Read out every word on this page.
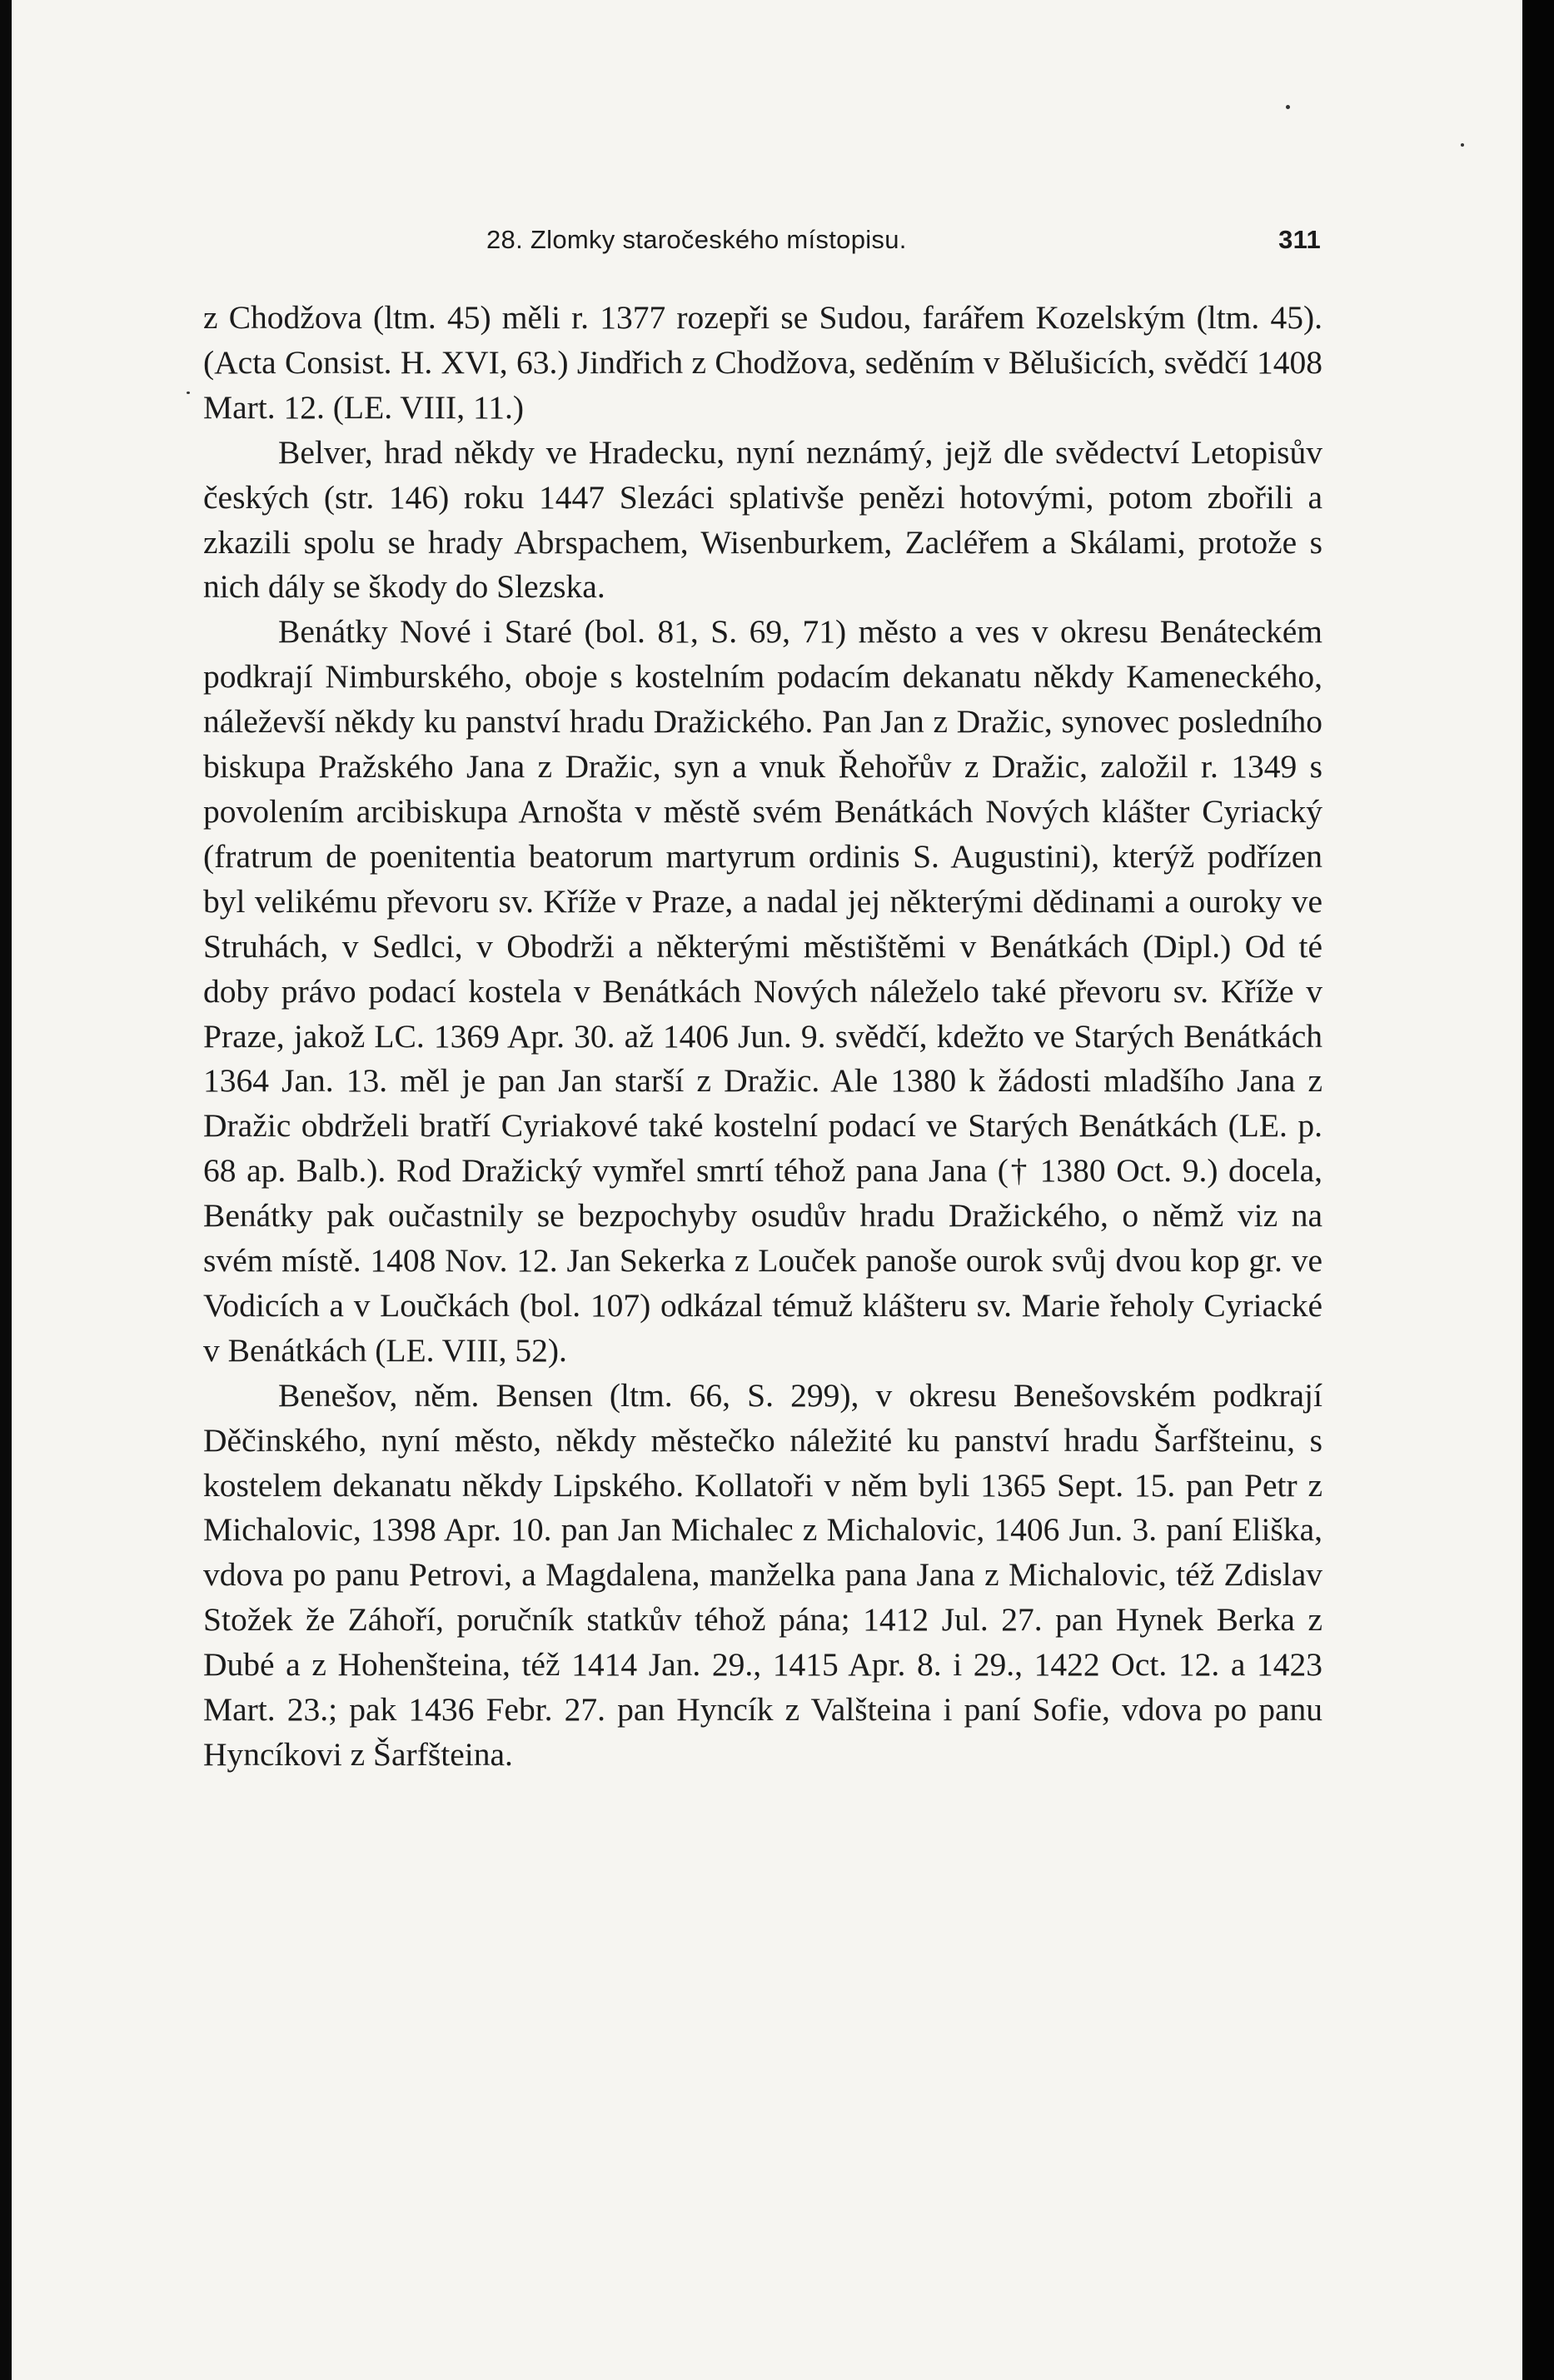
28. Zlomky staročeského místopisu.	311

z Chodžova (ltm. 45) měli r. 1377 rozepři se Sudou, farářem Kozelským (ltm. 45). (Acta Consist. H. XVI, 63.) Jindřich z Chodžova, seděním v Bělušicích, svědčí 1408 Mart. 12. (LE. VIII, 11.)

Belver, hrad někdy ve Hradecku, nyní neznámý, jejž dle svědectví Letopisův českých (str. 146) roku 1447 Slezáci splativše penězi hotovými, potom zbořili a zkazili spolu se hrady Abrspachem, Wisenburkem, Zacléřem a Skálami, protože s nich dály se škody do Slezska.

Benátky Nové i Staré (bol. 81, S. 69, 71) město a ves v okresu Benáteckém podkrají Nimburského, oboje s kostelním podacím dekanatu někdy Kameneckého, náleževší někdy ku panství hradu Dražického. Pan Jan z Dražic, synovec posledního biskupa Pražského Jana z Dražic, syn a vnuk Řehořův z Dražic, založil r. 1349 s povolením arcibiskupa Arnošta v městě svém Benátkách Nových klášter Cyriacký (fratrum de poenitentia beatorum martyrum ordinis S. Augustini), kterýž podřízen byl velikému převoru sv. Kříže v Praze, a nadal jej některými dědinami a ouroky ve Struhách, v Sedlci, v Obodrži a některými městištěmi v Benátkách (Dipl.) Od té doby právo podací kostela v Benátkách Nových náleželo také převoru sv. Kříže v Praze, jakož LC. 1369 Apr. 30. až 1406 Jun. 9. svědčí, kdežto ve Starých Benátkách 1364 Jan. 13. měl je pan Jan starší z Dražic. Ale 1380 k žádosti mladšího Jana z Dražic obdrželi bratří Cyriakové také kostelní podací ve Starých Benátkách (LE. p. 68 ap. Balb.). Rod Dražický vymřel smrtí téhož pana Jana († 1380 Oct. 9.) docela, Benátky pak oučastnily se bezpochyby osudův hradu Dražického, o němž viz na svém místě. 1408 Nov. 12. Jan Sekerka z Louček panoše ourok svůj dvou kop gr. ve Vodicích a v Loučkách (bol. 107) odkázal témuž klášteru sv. Marie řeholy Cyriacké v Benátkách (LE. VIII, 52).

Benešov, něm. Bensen (ltm. 66, S. 299), v okresu Benešovském podkrají Děčinského, nyní město, někdy městečko náležité ku panství hradu Šarfšteinu, s kostelem dekanatu někdy Lipského. Kollatoři v něm byli 1365 Sept. 15. pan Petr z Michalovic, 1398 Apr. 10. pan Jan Michalec z Michalovic, 1406 Jun. 3. paní Eliška, vdova po panu Petrovi, a Magdalena, manželka pana Jana z Michalovic, též Zdislav Stožek že Záhoří, poručník statkův téhož pána; 1412 Jul. 27. pan Hynek Berka z Dubé a z Hohenšteina, též 1414 Jan. 29., 1415 Apr. 8. i 29., 1422 Oct. 12. a 1423 Mart. 23.; pak 1436 Febr. 27. pan Hyncík z Valšteina i paní Sofie, vdova po panu Hyncíkovi z Šarfšteina.
